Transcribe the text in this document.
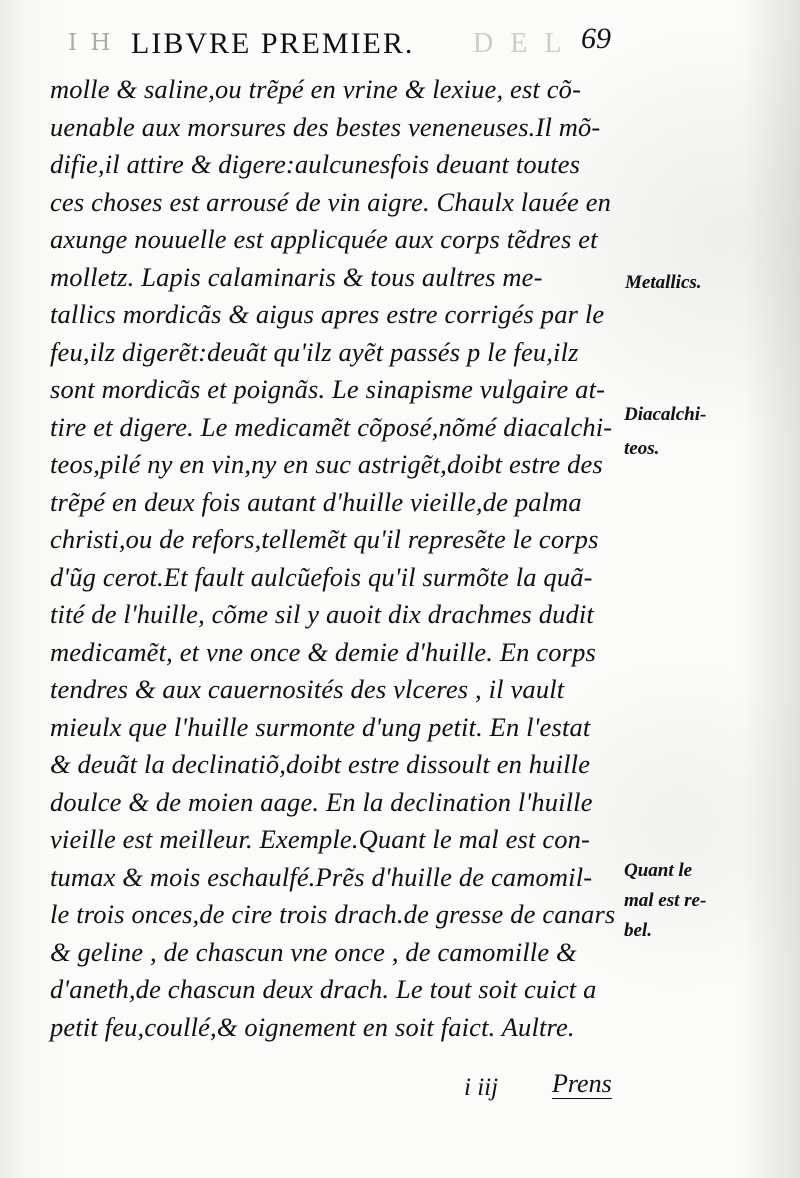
I H LIBVRE PREMIER. D E L 69
molle & saline,ou trẽpé en vrine & lexiue, est cõ-
uenable aux morsures des bestes veneneuses.Il mõ-
difie,il attire & digere:aulcunesfois deuant toutes
ces choses est arrousé de vin aigre. Chaulx lauée en
axunge nouuelle est applicquée aux corps tẽdres et
molletz. Lapis calaminaris & tous aultres me-
tallics mordicãs & aigus apres estre corrigés par le
feu,ilz digerẽt:deuãt qu'ilz ayẽt passés p le feu,ilz
sont mordicãs et poignãs. Le sinapisme vulgaire at-
tire et digere. Le medicamẽt cõposé,nõmé diacalchi-
teos,pilé ny en vin,ny en suc astrigẽt,doibt estre des
trẽpé en deux fois autant d'huille vieille,de palma
christi,ou de refors,tellemẽt qu'il represẽte le corps
d'ũg cerot.Et fault aulcũefois qu'il surmõte la quã-
tité de l'huille, cõme sil y auoit dix drachmes dudit
medicamẽt, et vne once & demie d'huille. En corps
tendres & aux cauernosités des vlceres , il vault
mieulx que l'huille surmonte d'ung petit. En l'estat
& deuãt la declinatiõ,doibt estre dissoult en huille
doulce & de moien aage. En la declination l'huille
vieille est meilleur. Exemple.Quant le mal est con-
tumax & mois eschaulfé.Prẽs d'huille de camomil-
le trois onces,de cire trois drach.de gresse de canars
& geline , de chascun vne once , de camomille &
d'aneth,de chascun deux drach. Le tout soit cuict a
petit feu,coullé,& oignement en soit faict. Aultre.
Metallics.
Diacalchi-
teos.
Quant le
mal est re-
bel.
i iij Prens
